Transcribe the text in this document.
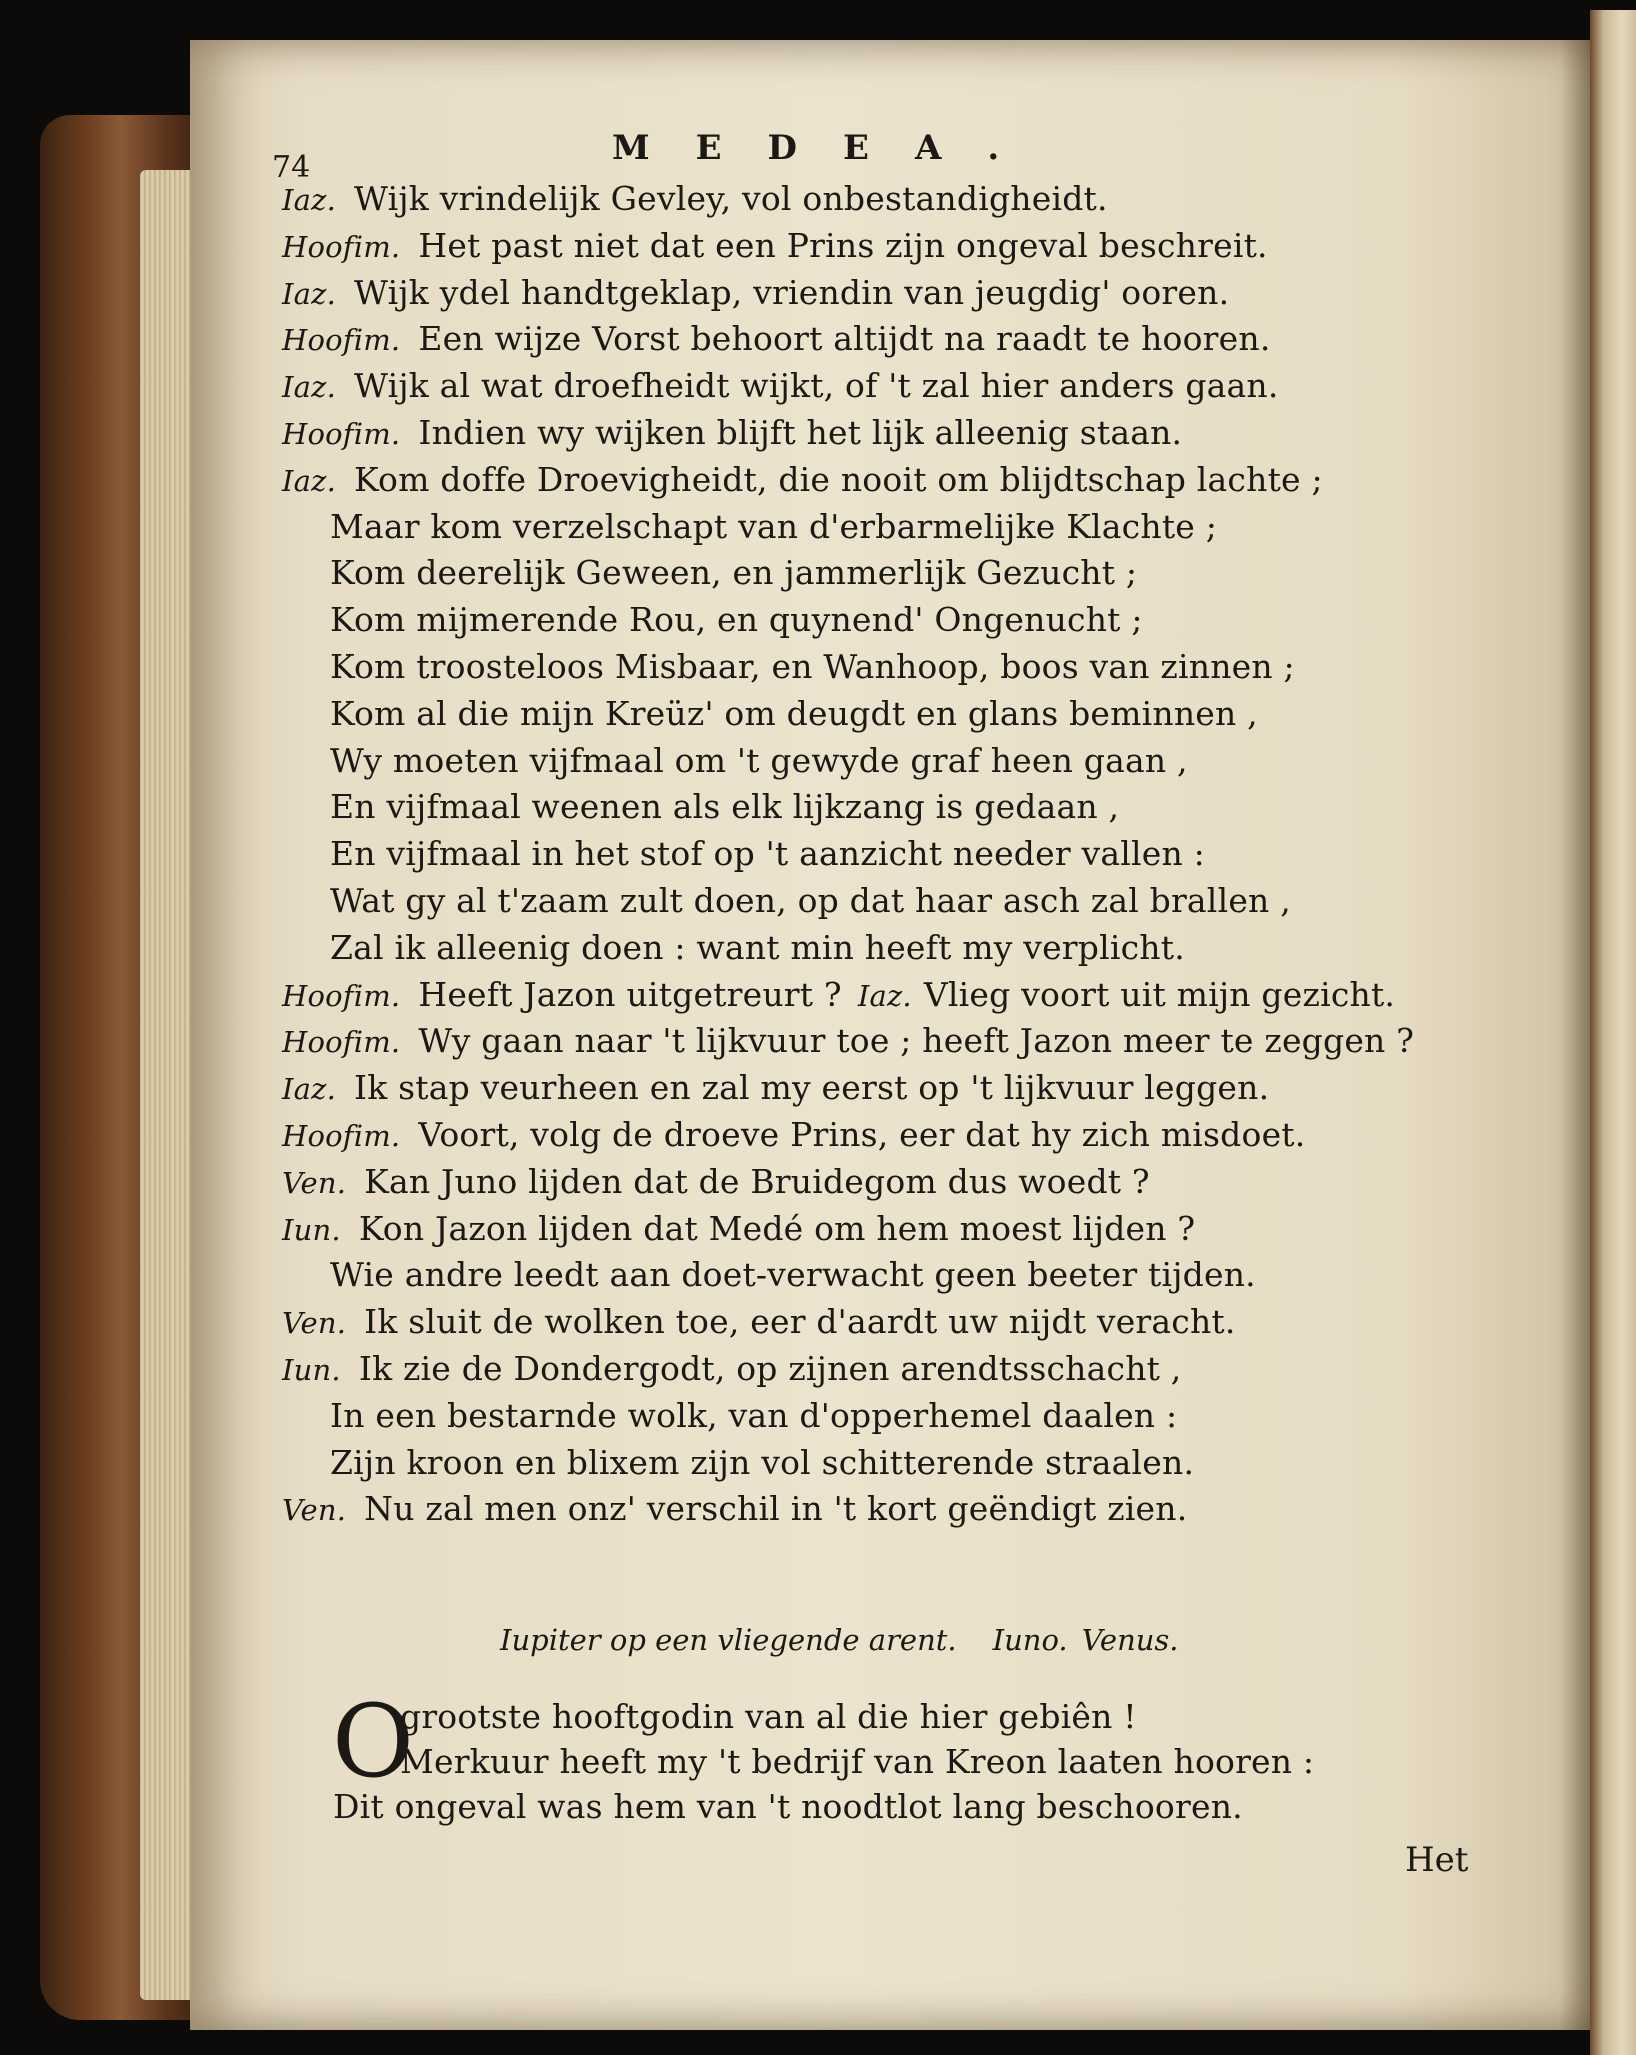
MEDEA.
74
Iaz. Wijk vrindelijk Gevley, vol onbestandigheidt.
Hoofim. Het past niet dat een Prins zijn ongeval beschreit.
Iaz. Wijk ydel handtgeklap, vriendin van jeugdig' ooren.
Hoofim. Een wijze Vorst behoort altijdt na raadt te hooren.
Iaz. Wijk al wat droefheidt wijkt, of 't zal hier anders gaan.
Hoofim. Indien wy wijken blijft het lijk alleenig staan.
Iaz. Kom doffe Droevigheidt, die nooit om blijdtschap lachte ;
Maar kom verzelschapt van d'erbarmelijke Klachte ;
Kom deerelijk Geween, en jammerlijk Gezucht ;
Kom mijmerende Rou, en quynend' Ongenucht ;
Kom troosteloos Misbaar, en Wanhoop, boos van zinnen ;
Kom al die mijn Kreüz' om deugdt en glans beminnen ,
Wy moeten vijfmaal om 't gewyde graf heen gaan ,
En vijfmaal weenen als elk lijkzang is gedaan ,
En vijfmaal in het stof op 't aanzicht needer vallen :
Wat gy al t'zaam zult doen, op dat haar asch zal brallen ,
Zal ik alleenig doen : want min heeft my verplicht.
Hoofim. Heeft Jazon uitgetreurt ? Iaz. Vlieg voort uit mijn gezicht.
Hoofim. Wy gaan naar 't lijkvuur toe ; heeft Jazon meer te zeggen ?
Iaz. Ik stap veurheen en zal my eerst op 't lijkvuur leggen.
Hoofim. Voort, volg de droeve Prins, eer dat hy zich misdoet.
Ven. Kan Juno lijden dat de Bruidegom dus woedt ?
Iun. Kon Jazon lijden dat Medé om hem moest lijden ?
Wie andre leedt aan doet-verwacht geen beeter tijden.
Ven. Ik sluit de wolken toe, eer d'aardt uw nijdt veracht.
Iun. Ik zie de Dondergodt, op zijnen arendtsschacht ,
In een bestarnde wolk, van d'opperhemel daalen :
Zijn kroon en blixem zijn vol schitterende straalen.
Ven. Nu zal men onz' verschil in 't kort geëndigt zien.
Iupiter op een vliegende arent. Iuno. Venus.
O
grootste hooftgodin van al die hier gebiên !
Merkuur heeft my 't bedrijf van Kreon laaten hooren :
Dit ongeval was hem van 't noodtlot lang beschooren.
Het
